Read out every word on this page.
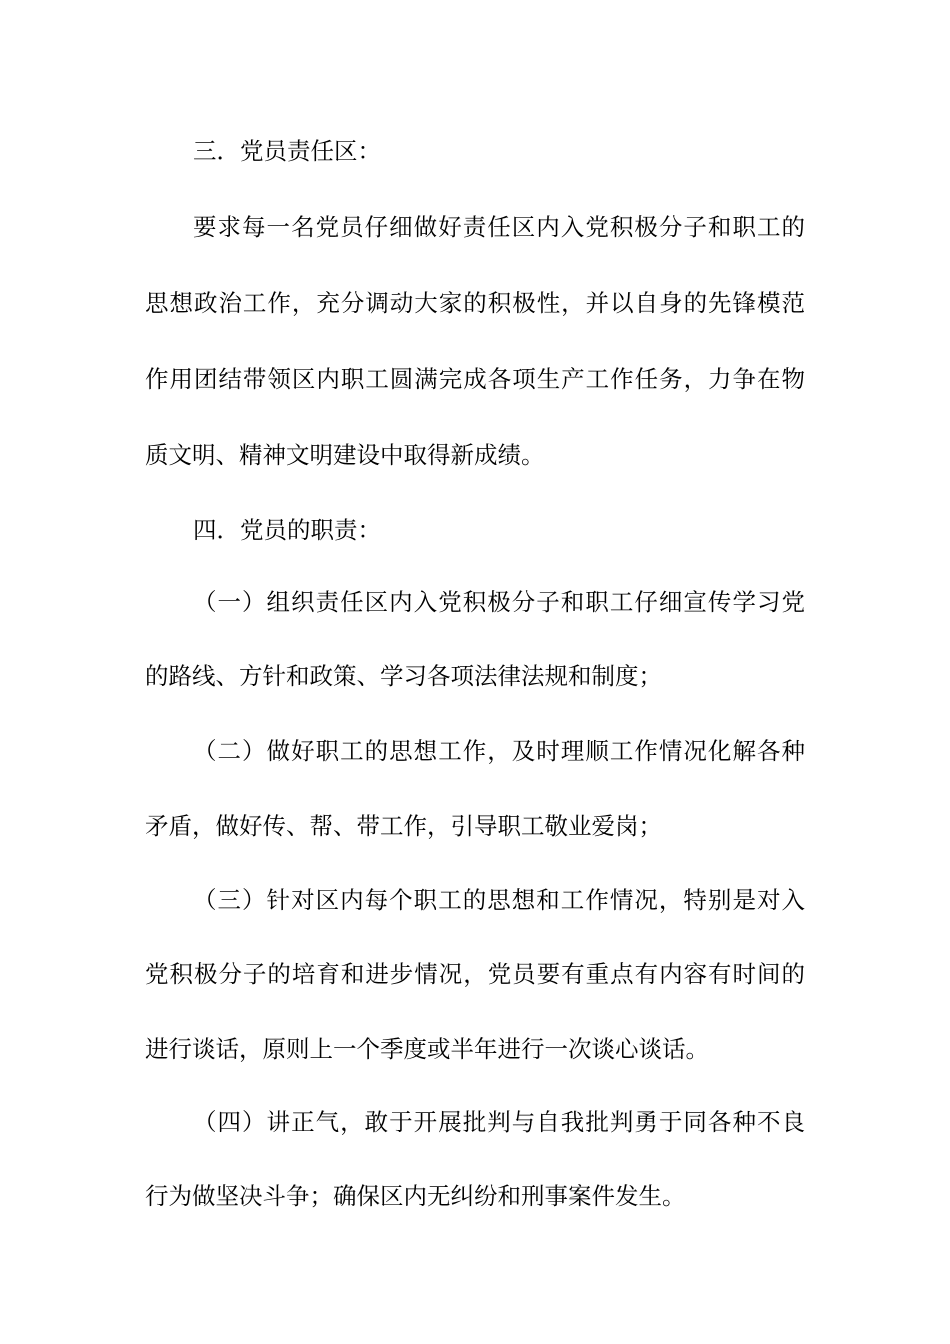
三．党员责任区：
要求每一名党员仔细做好责任区内入党积极分子和职工的
思想政治工作，充分调动大家的积极性，并以自身的先锋模范
作用团结带领区内职工圆满完成各项生产工作任务，力争在物
质文明、精神文明建设中取得新成绩。
四．党员的职责：
（一）组织责任区内入党积极分子和职工仔细宣传学习党
的路线、方针和政策、学习各项法律法规和制度；
（二）做好职工的思想工作，及时理顺工作情况化解各种
矛盾，做好传、帮、带工作，引导职工敬业爱岗；
（三）针对区内每个职工的思想和工作情况，特别是对入
党积极分子的培育和进步情况，党员要有重点有内容有时间的
进行谈话，原则上一个季度或半年进行一次谈心谈话。
（四）讲正气，敢于开展批判与自我批判勇于同各种不良
行为做坚决斗争；确保区内无纠纷和刑事案件发生。
